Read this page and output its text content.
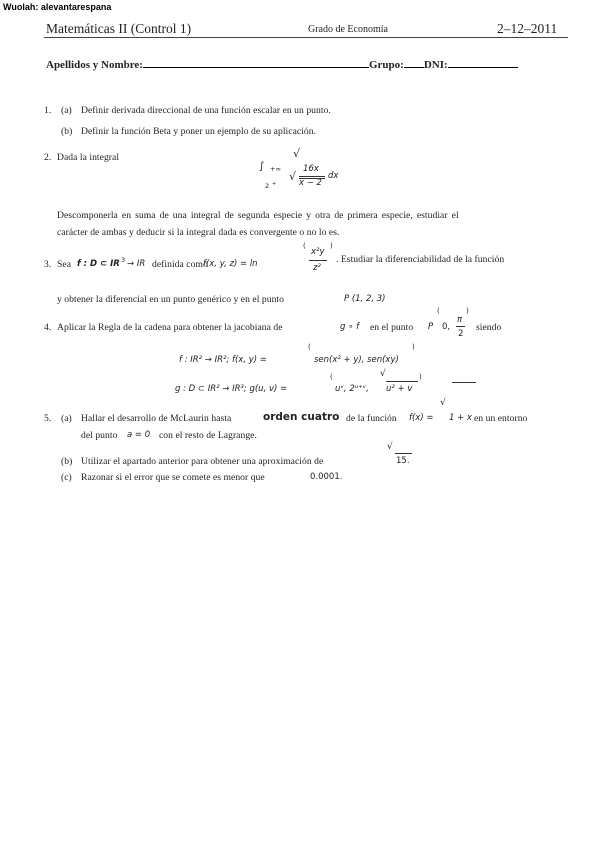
Wuolah: alevantarespana
Matemáticas II (Control 1)	Grado de Economía	2–12–2011
Apellidos y Nombre:	Grupo: DNI:
1. (a) Definir derivada direccional de una función escalar en un punto.
(b) Definir la función Beta y poner un ejemplo de su aplicación.
2. Dada la integral
∫ +∞
2 +
√
16x
√ x − 2
dx
Descomponerla en suma de una integral de segunda especie y otra de primera especie, estudiar el
carácter de ambas y deducir si la integral dada es convergente o no lo es.
3. Sea f : D ⊂ IR 3 → IR definida como
f(x, y, z) = ln
(
x²y
)
z²
. Estudiar la diferenciabilidad de la función
y obtener la diferencial en un punto genérico y en el punto	P (1, 2, 3)
4. Aplicar la Regla de la cadena para obtener la jacobiana de	g ∘ f en el punto P
(
0,
π
2
)
siendo
f : IR² → IR²; f(x, y) =
(
sen(x² + y), sen(xy)
)
g : D ⊂ IR² → IR³; g(u, v) =
(
uᵛ, 2ᵘ⁺ᵛ,
√
u² + v
)
5. (a) Hallar el desarrollo de McLaurin hasta	orden cuatro de la función f(x) =
√
1 + x en un entorno
del punto a = 0 con el resto de Lagrange.
(b) Utilizar el apartado anterior para obtener una aproximación de
√
15.
(c) Razonar si el error que se comete es menor que	0.0001.
